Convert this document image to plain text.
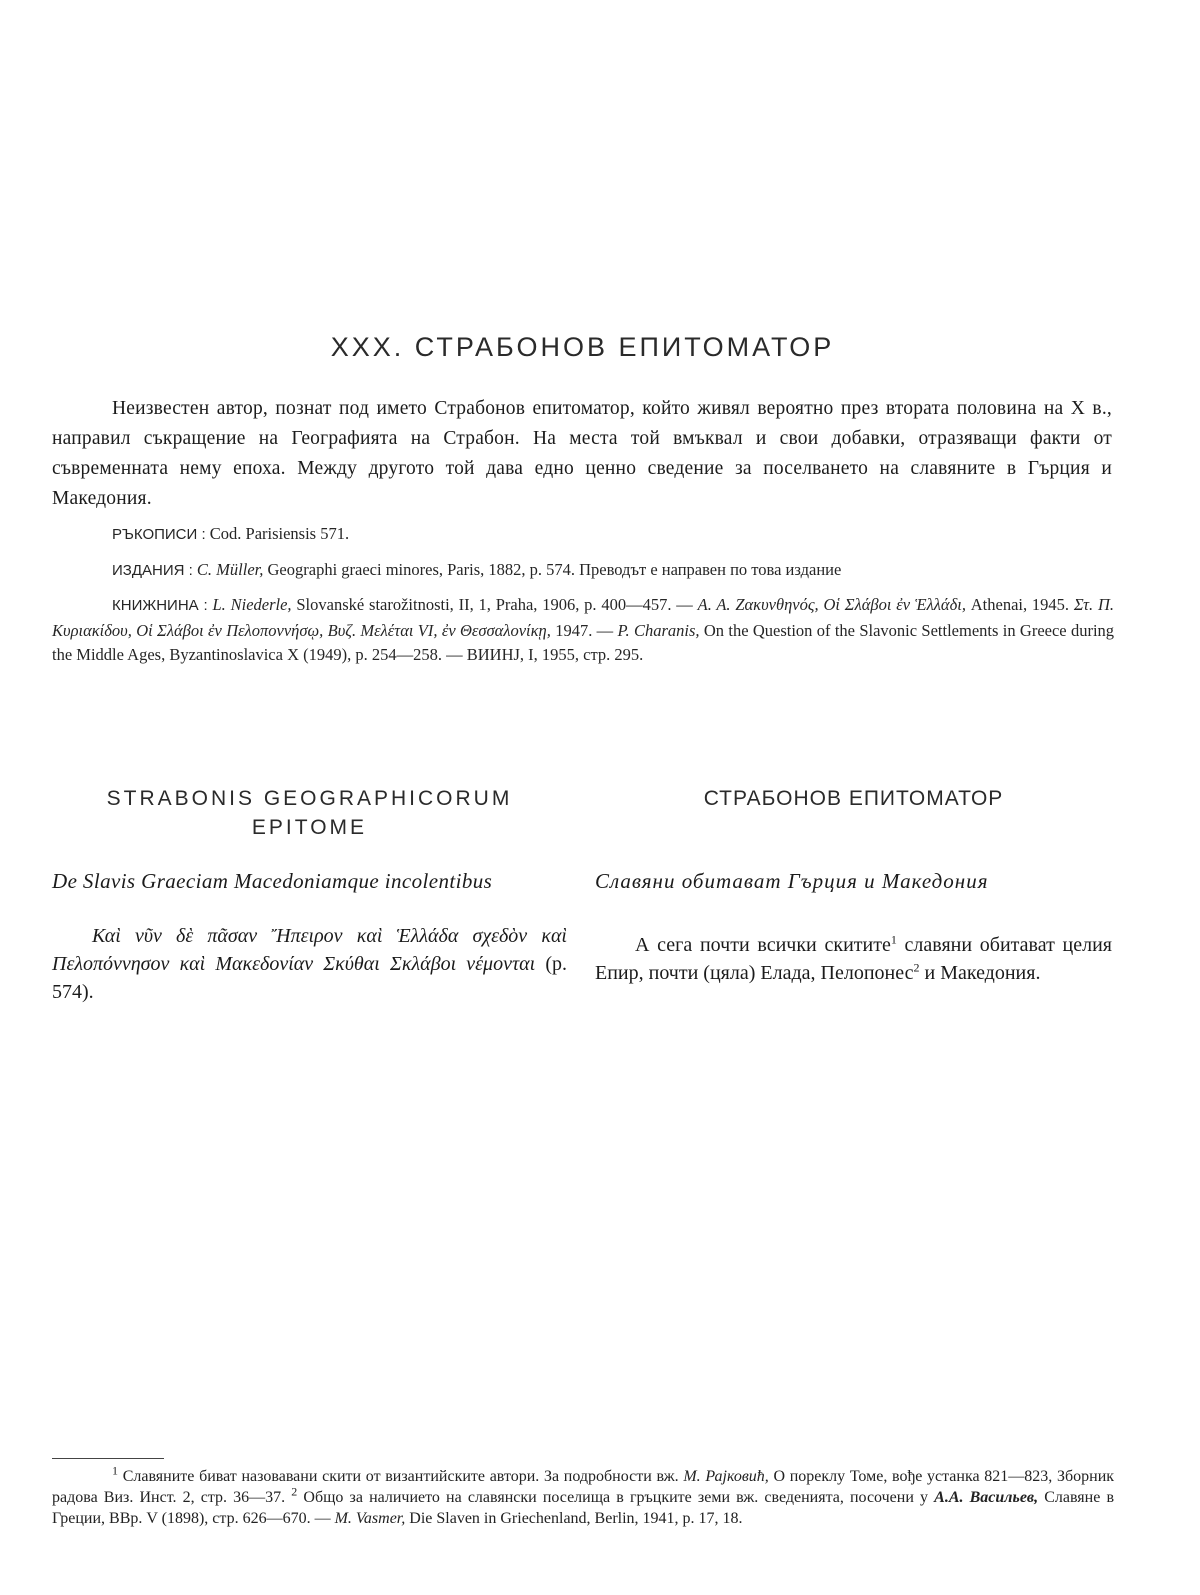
XXX. СТРАБОНОВ ЕПИТОМАТОР

Неизвестен автор, познат под името Страбонов епитоматор, който живял вероятно през втората половина на X в., направил съкращение на Географията на Страбон. На места той вмъквал и свои добавки, отразяващи факти от съвременната нему епоха. Между другото той дава едно ценно сведение за поселването на славяните в Гърция и Македония.

РЪКОПИСИ : Cod. Parisiensis 571.

ИЗДАНИЯ : C. Müller, Geographi graeci minores, Paris, 1882, p. 574. Преводът е направен по това издание

КНИЖНИНА : L. Niederle, Slovanské starožitnosti, II, 1, Praha, 1906, p. 400—457. — Α. Α. Ζακυνθηνός, Οἱ Σλάβοι ἐν Ἑλλάδι, Athenai, 1945. Στ. Π. Κυριακίδου, Οἱ Σλάβοι ἐν Πελοποννήσῳ, Βυζ. Μελέται VI, ἐν Θεσσαλονίκῃ, 1947. — P. Charanis, On the Question of the Slavonic Settlements in Greece during the Middle Ages, Byzantinoslavica X (1949), p. 254—258. — ВИИНЈ, I, 1955, стр. 295.

STRABONIS GEOGRAPHICORUM EPITOME

De Slavis Graeciam Macedoniamque incolentibus

Καὶ νῦν δὲ πᾶσαν Ἤπειρον καὶ Ἑλλάδα σχεδὸν καὶ Πελοπόννησον καὶ Μακεδονίαν Σκύθαι Σκλάβοι νέμονται (p. 574).

СТРАБОНОВ ЕПИТОМАТОР

Славяни обитават Гърция и Македония

А сега почти всички скитите$^1$ славяни обитават целия Епир, почти (цяла) Елада, Пелопонес$^2$ и Македония.

$^1$ Славяните биват назовавани скити от византийските автори. За подробности вж. М. Рајковић, О пореклу Томе, вође устанка 821—823, Зборник радова Виз. Инст. 2, стр. 36—37. $^2$ Общо за наличието на славянски поселища в гръцките земи вж. сведенията, посочени у А.А. Васильев, Славяне в Греции, ВВр. V (1898), стр. 626—670. — M. Vasmer, Die Slaven in Griechenland, Berlin, 1941, p. 17, 18.
